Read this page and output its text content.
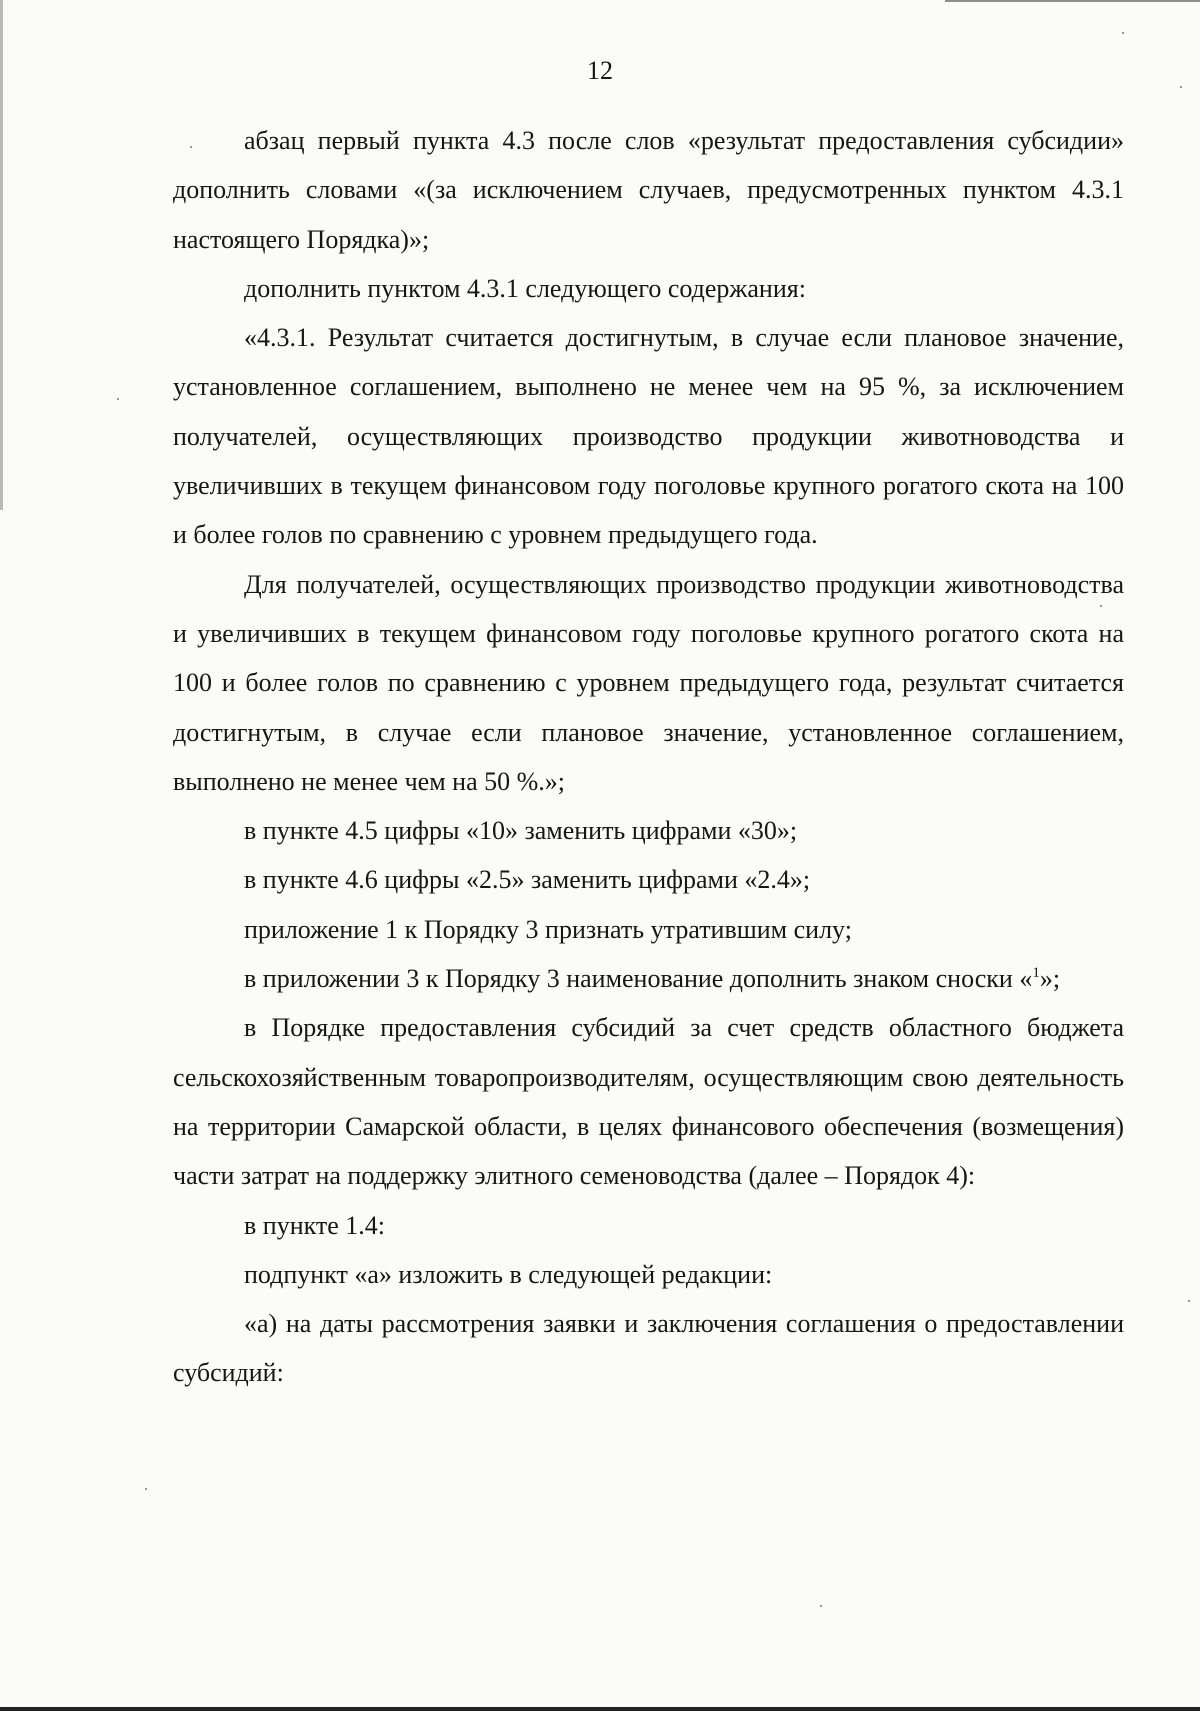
12

абзац первый пункта 4.3 после слов «результат предоставления субсидии» дополнить словами «(за исключением случаев, предусмотренных пунктом 4.3.1 настоящего Порядка)»;

дополнить пунктом 4.3.1 следующего содержания:

«4.3.1. Результат считается достигнутым, в случае если плановое значение, установленное соглашением, выполнено не менее чем на 95 %, за исключением получателей, осуществляющих производство продукции животноводства и увеличивших в текущем финансовом году поголовье крупного рогатого скота на 100 и более голов по сравнению с уровнем предыдущего года.

Для получателей, осуществляющих производство продукции животноводства и увеличивших в текущем финансовом году поголовье крупного рогатого скота на 100 и более голов по сравнению с уровнем предыдущего года, результат считается достигнутым, в случае если плановое значение, установленное соглашением, выполнено не менее чем на 50 %.»;

в пункте 4.5 цифры «10» заменить цифрами «30»;

в пункте 4.6 цифры «2.5» заменить цифрами «2.4»;

приложение 1 к Порядку 3 признать утратившим силу;

в приложении 3 к Порядку 3 наименование дополнить знаком сноски «$^1$»;

в Порядке предоставления субсидий за счет средств областного бюджета сельскохозяйственным товаропроизводителям, осуществляющим свою деятельность на территории Самарской области, в целях финансового обеспечения (возмещения) части затрат на поддержку элитного семеноводства (далее – Порядок 4):

в пункте 1.4:

подпункт «а» изложить в следующей редакции:

«а) на даты рассмотрения заявки и заключения соглашения о предоставлении субсидий:
